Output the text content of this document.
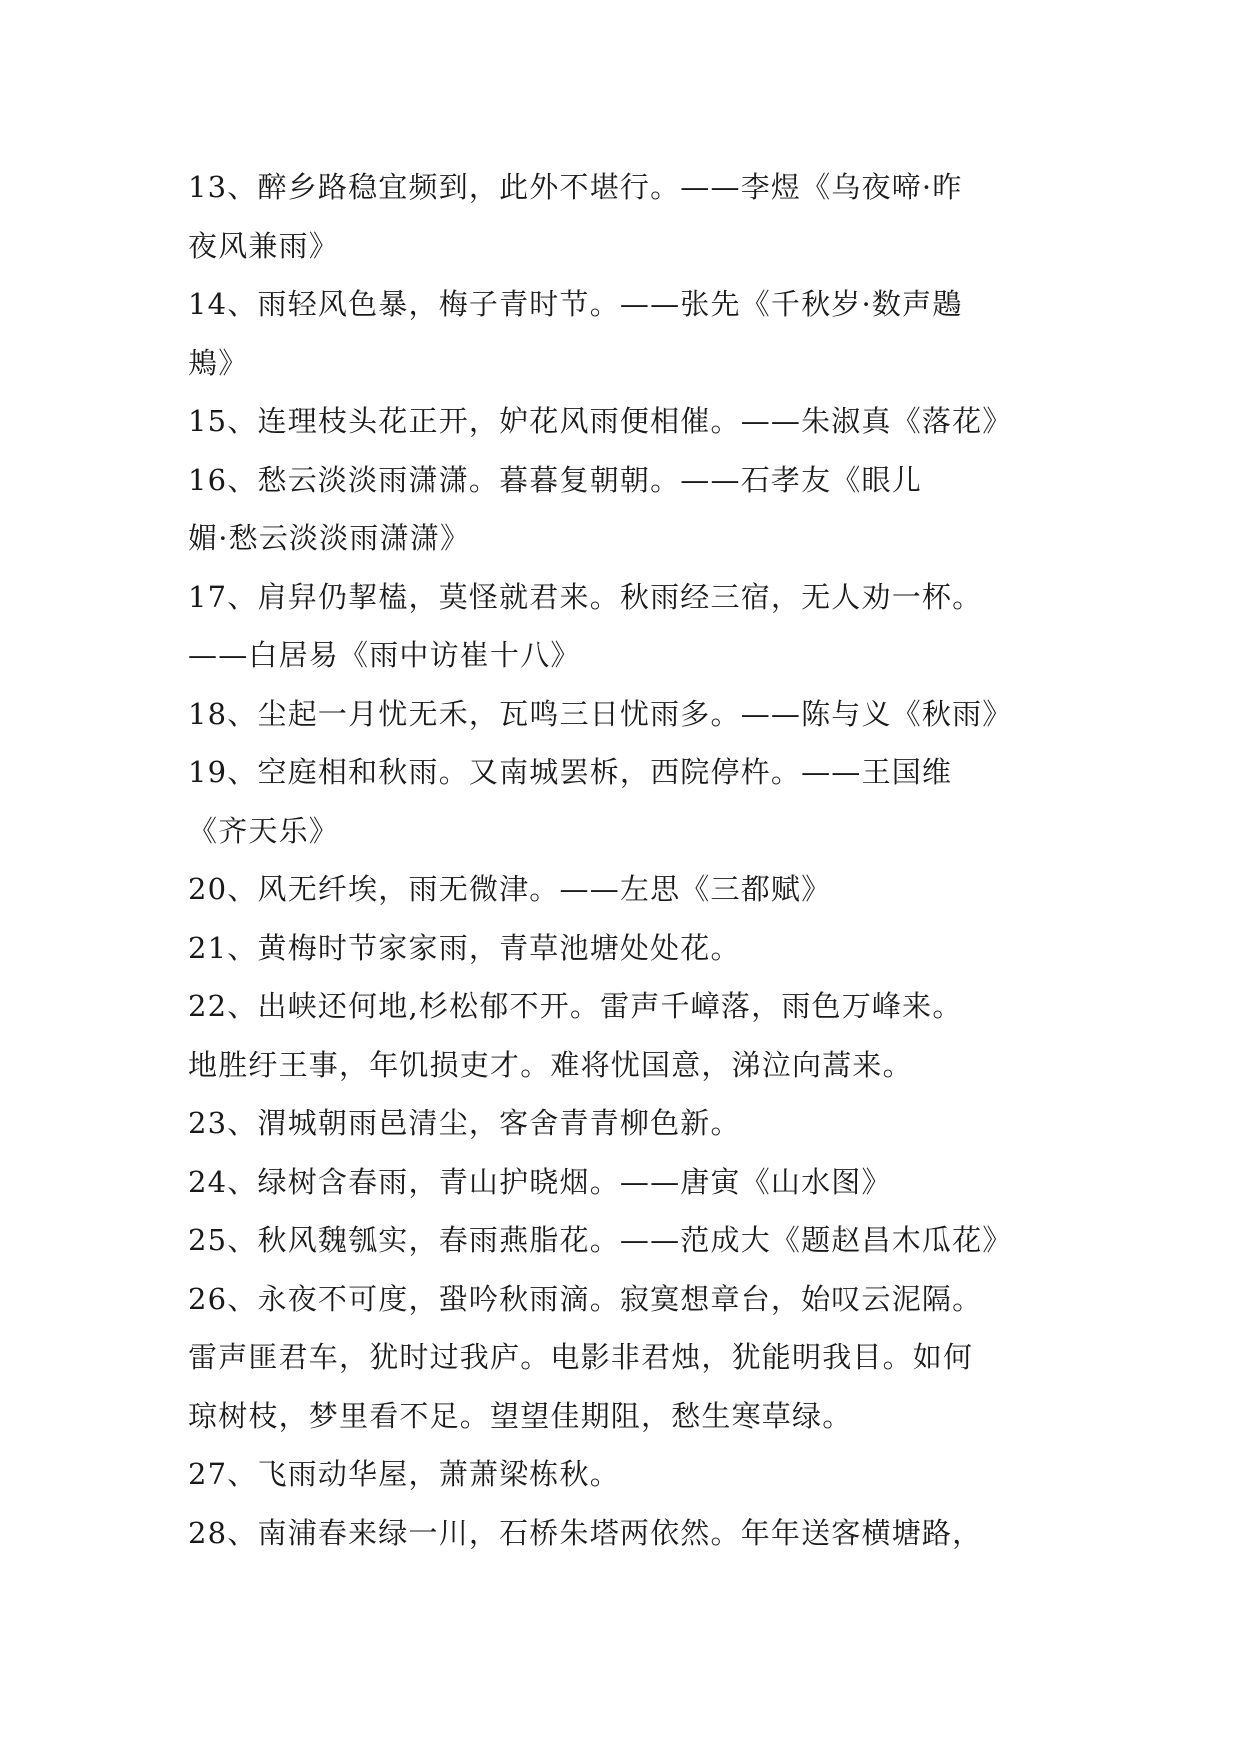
13、醉乡路稳宜频到，此外不堪行。——李煜《乌夜啼·昨
夜风兼雨》
14、雨轻风色暴，梅子青时节。——张先《千秋岁·数声鶗
鴂》
15、连理枝头花正开，妒花风雨便相催。——朱淑真《落花》
16、愁云淡淡雨潇潇。暮暮复朝朝。——石孝友《眼儿
媚·愁云淡淡雨潇潇》
17、肩舁仍挈榼，莫怪就君来。秋雨经三宿，无人劝一杯。
——白居易《雨中访崔十八》
18、尘起一月忧无禾，瓦鸣三日忧雨多。——陈与义《秋雨》
19、空庭相和秋雨。又南城罢柝，西院停杵。——王国维
《齐天乐》
20、风无纤埃，雨无微津。——左思《三都赋》
21、黄梅时节家家雨，青草池塘处处花。
22、出峡还何地,杉松郁不开。雷声千嶂落，雨色万峰来。
地胜纡王事，年饥损吏才。难将忧国意，涕泣向蒿来。
23、渭城朝雨邑清尘，客舍青青柳色新。
24、绿树含春雨，青山护晓烟。——唐寅《山水图》
25、秋风魏瓠实，春雨燕脂花。——范成大《题赵昌木瓜花》
26、永夜不可度，蛩吟秋雨滴。寂寞想章台，始叹云泥隔。
雷声匪君车，犹时过我庐。电影非君烛，犹能明我目。如何
琼树枝，梦里看不足。望望佳期阻，愁生寒草绿。
27、飞雨动华屋，萧萧梁栋秋。
28、南浦春来绿一川，石桥朱塔两依然。年年送客横塘路，
